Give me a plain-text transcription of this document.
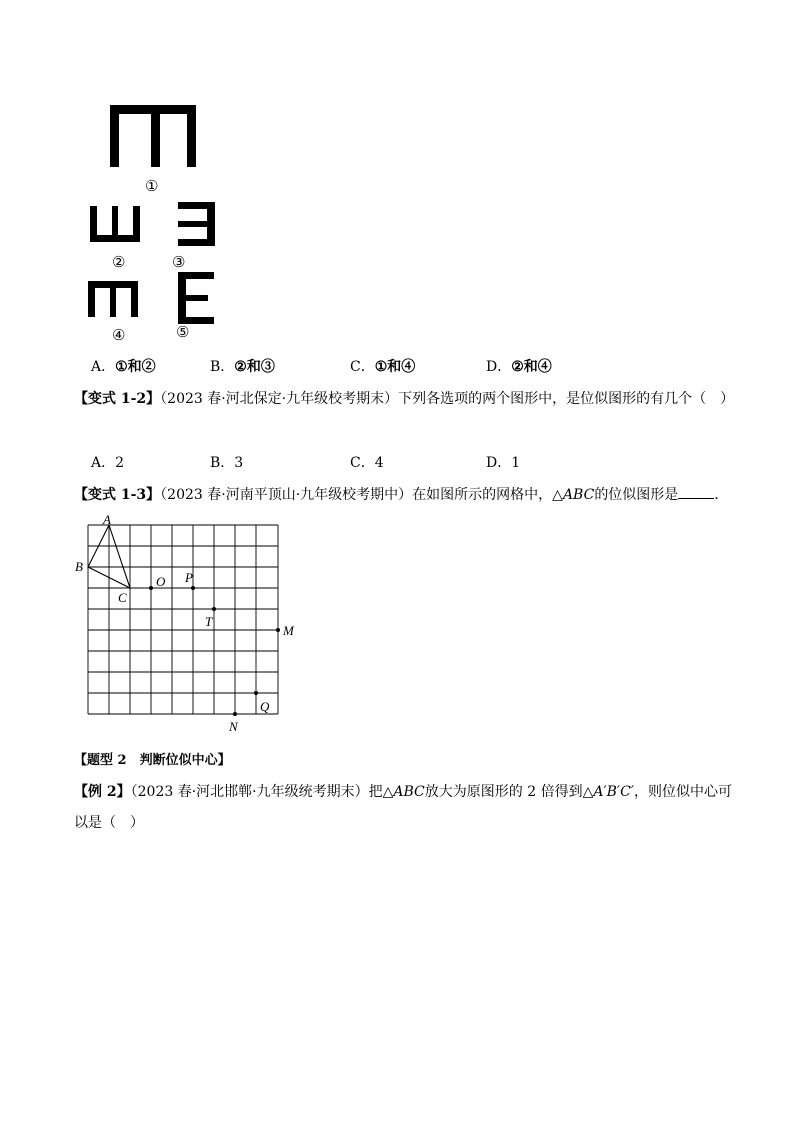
①
②	③
④	⑤
A．①和②	B．②和③	C．①和④	D．②和④
【变式 1-2】（2023 春·河北保定·九年级校考期末）下列各选项的两个图形中，是位似图形的有几个（　）
A．2	B．3	C．4	D．1
【变式 1-3】（2023 春·河南平顶山·九年级校考期中）在如图所示的网格中，△ABC的位似图形是	．
A
B
C
O P
T
M
Q
N
【题型 2　判断位似中心】
【例 2】（2023 春·河北邯郸·九年级统考期末）把△ABC放大为原图形的 2 倍得到△A′B′C′，则位似中心可
以是（　）
